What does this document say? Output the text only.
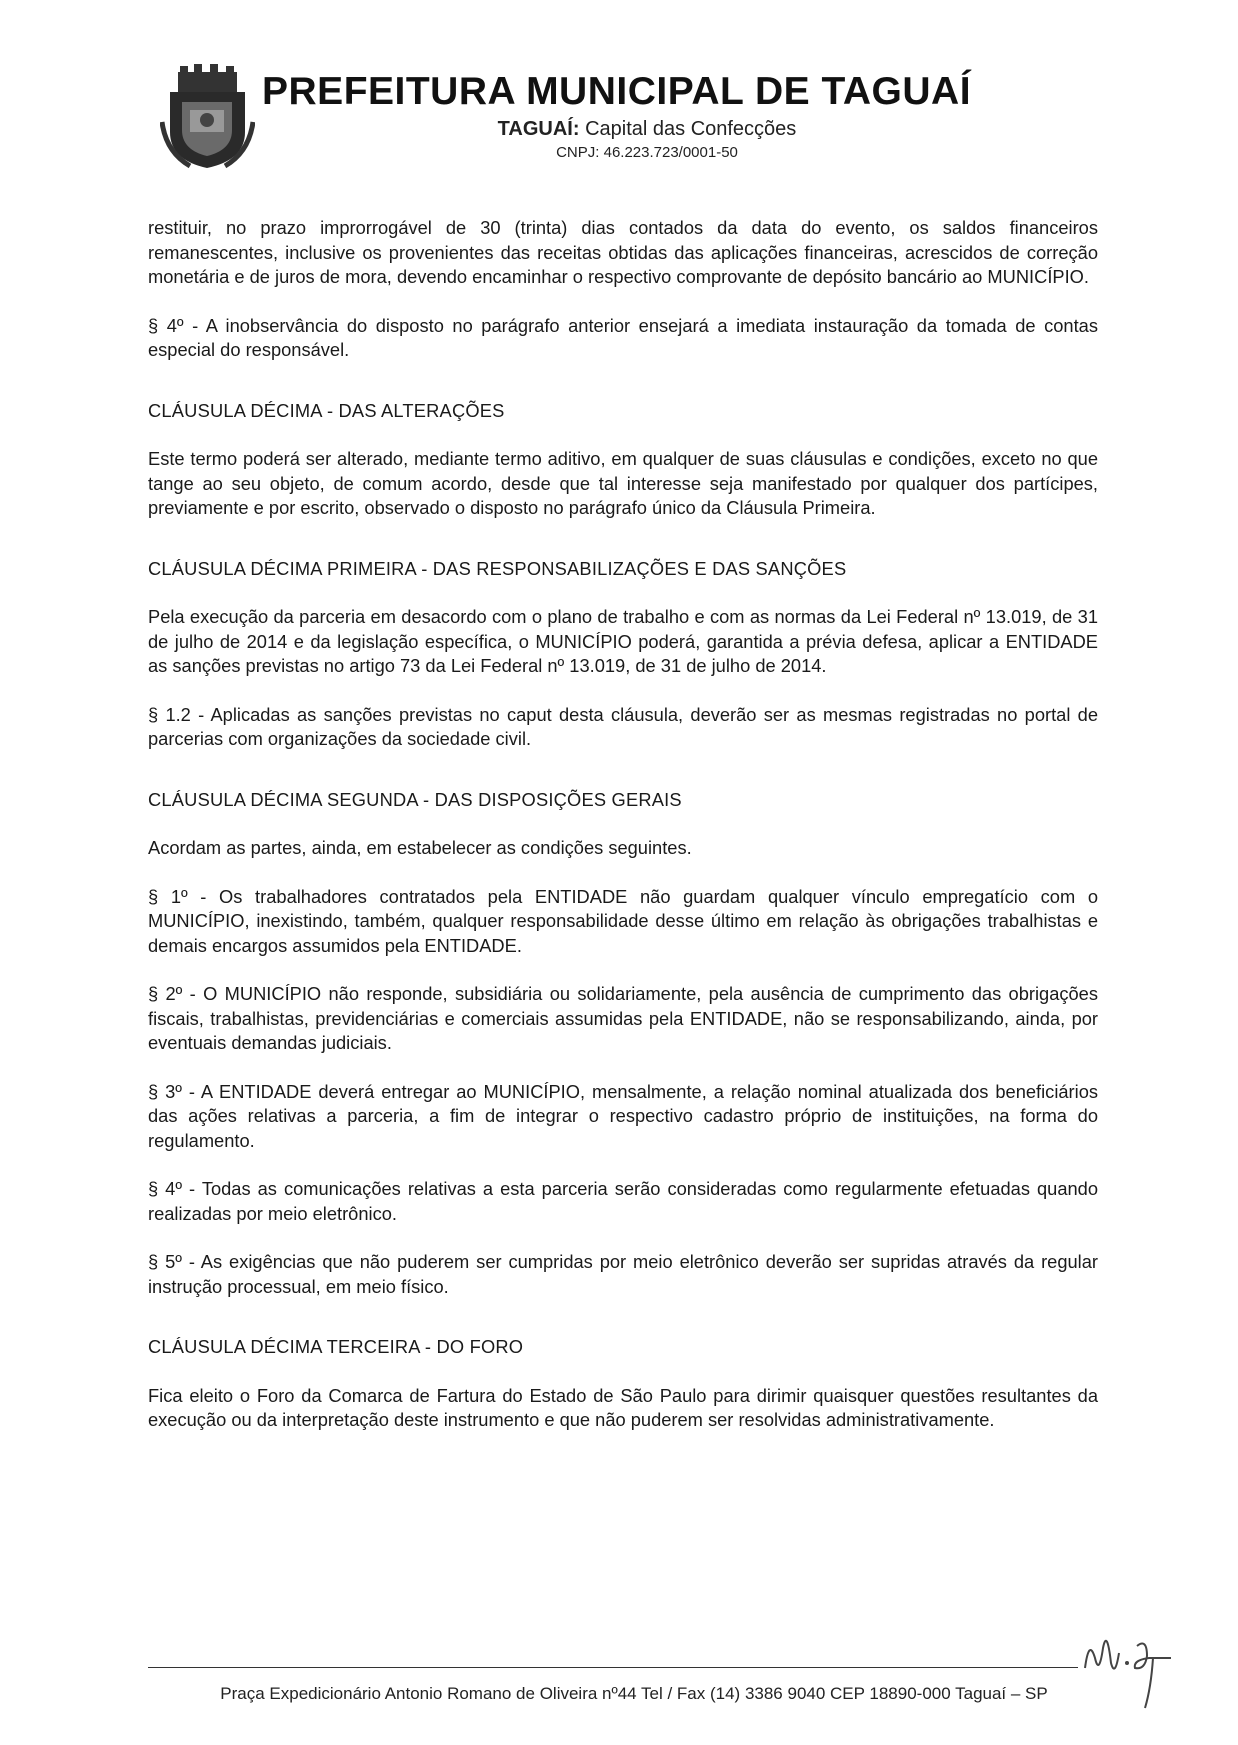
PREFEITURA MUNICIPAL DE TAGUAÍ
TAGUAÍ: Capital das Confecções
CNPJ: 46.223.723/0001-50

restituir, no prazo improrrogável de 30 (trinta) dias contados da data do evento, os saldos financeiros remanescentes, inclusive os provenientes das receitas obtidas das aplicações financeiras, acrescidos de correção monetária e de juros de mora, devendo encaminhar o respectivo comprovante de depósito bancário ao MUNICÍPIO.

§ 4º - A inobservância do disposto no parágrafo anterior ensejará a imediata instauração da tomada de contas especial do responsável.

CLÁUSULA DÉCIMA - DAS ALTERAÇÕES

Este termo poderá ser alterado, mediante termo aditivo, em qualquer de suas cláusulas e condições, exceto no que tange ao seu objeto, de comum acordo, desde que tal interesse seja manifestado por qualquer dos partícipes, previamente e por escrito, observado o disposto no parágrafo único da Cláusula Primeira.

CLÁUSULA DÉCIMA PRIMEIRA - DAS RESPONSABILIZAÇÕES E DAS SANÇÕES

Pela execução da parceria em desacordo com o plano de trabalho e com as normas da Lei Federal nº 13.019, de 31 de julho de 2014 e da legislação específica, o MUNICÍPIO poderá, garantida a prévia defesa, aplicar a ENTIDADE as sanções previstas no artigo 73 da Lei Federal nº 13.019, de 31 de julho de 2014.

§ 1.2 - Aplicadas as sanções previstas no caput desta cláusula, deverão ser as mesmas registradas no portal de parcerias com organizações da sociedade civil.

CLÁUSULA DÉCIMA SEGUNDA - DAS DISPOSIÇÕES GERAIS

Acordam as partes, ainda, em estabelecer as condições seguintes.

§ 1º - Os trabalhadores contratados pela ENTIDADE não guardam qualquer vínculo empregatício com o MUNICÍPIO, inexistindo, também, qualquer responsabilidade desse último em relação às obrigações trabalhistas e demais encargos assumidos pela ENTIDADE.

§ 2º - O MUNICÍPIO não responde, subsidiária ou solidariamente, pela ausência de cumprimento das obrigações fiscais, trabalhistas, previdenciárias e comerciais assumidas pela ENTIDADE, não se responsabilizando, ainda, por eventuais demandas judiciais.

§ 3º - A ENTIDADE deverá entregar ao MUNICÍPIO, mensalmente, a relação nominal atualizada dos beneficiários das ações relativas a parceria, a fim de integrar o respectivo cadastro próprio de instituições, na forma do regulamento.

§ 4º - Todas as comunicações relativas a esta parceria serão consideradas como regularmente efetuadas quando realizadas por meio eletrônico.

§ 5º - As exigências que não puderem ser cumpridas por meio eletrônico deverão ser supridas através da regular instrução processual, em meio físico.

CLÁUSULA DÉCIMA TERCEIRA - DO FORO

Fica eleito o Foro da Comarca de Fartura do Estado de São Paulo para dirimir quaisquer questões resultantes da execução ou da interpretação deste instrumento e que não puderem ser resolvidas administrativamente.

Praça Expedicionário Antonio Romano de Oliveira nº44 Tel / Fax (14) 3386 9040 CEP 18890-000 Taguaí – SP
